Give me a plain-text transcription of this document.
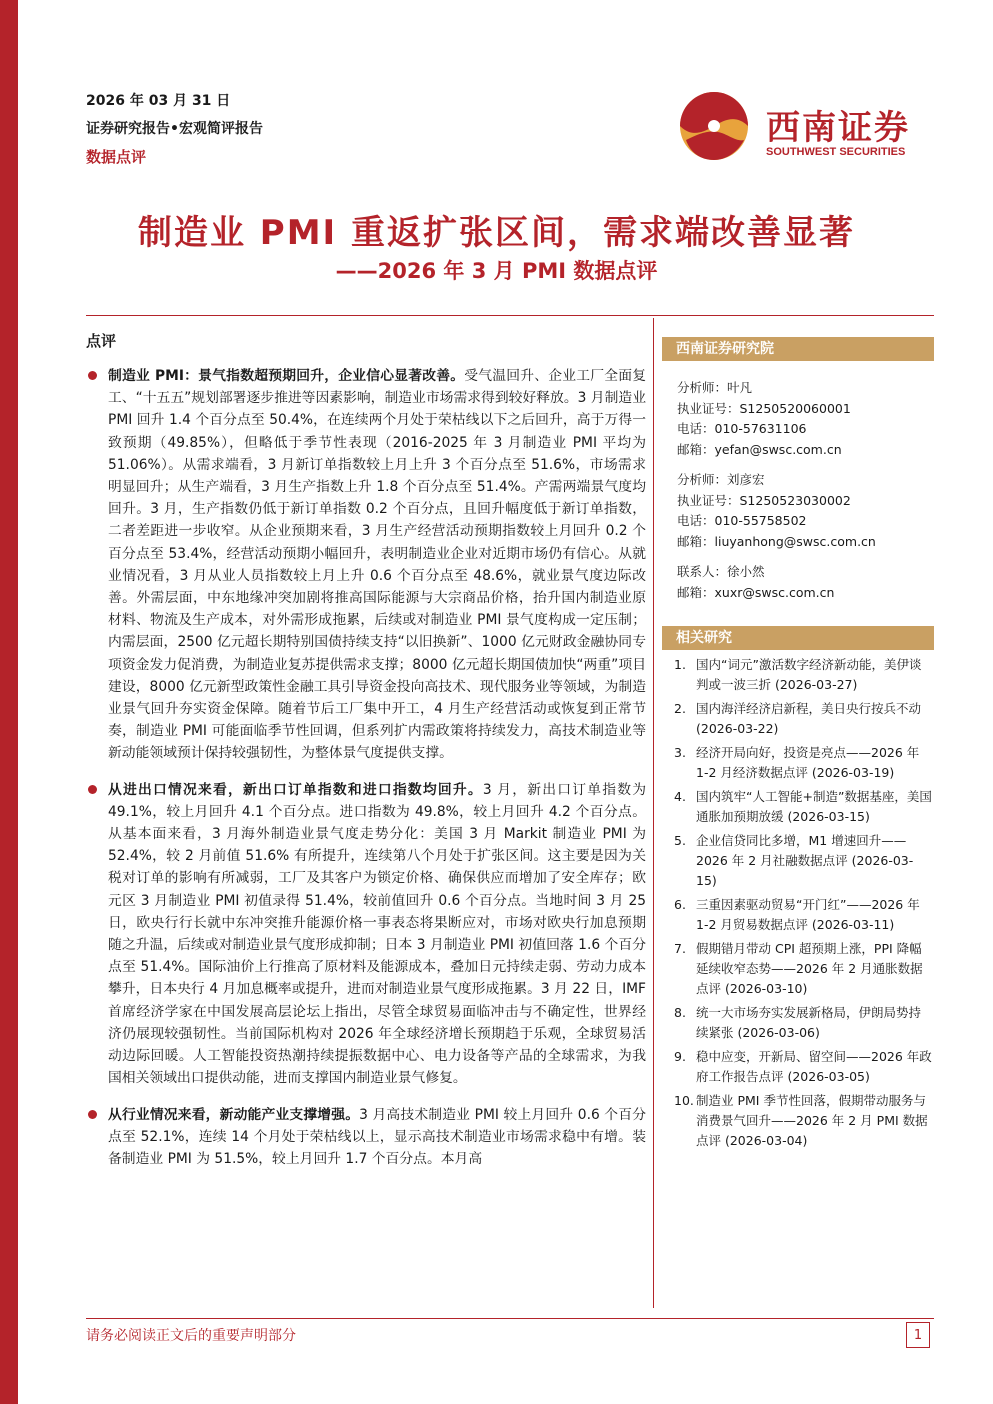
2026 年 03 月 31 日
证券研究报告•宏观简评报告
数据点评
西南证券
SOUTHWEST SECURITIES
制造业 PMI 重返扩张区间，需求端改善显著
——2026 年 3 月 PMI 数据点评
点评
制造业 PMI：景气指数超预期回升，企业信心显著改善。受气温回升、企业工厂全面复工、“十五五”规划部署逐步推进等因素影响，制造业市场需求得到较好释放。3 月制造业 PMI 回升 1.4 个百分点至 50.4%，在连续两个月处于荣枯线以下之后回升，高于万得一致预期（49.85%），但略低于季节性表现（2016-2025 年 3 月制造业 PMI 平均为 51.06%）。从需求端看，3 月新订单指数较上月上升 3 个百分点至 51.6%，市场需求明显回升；从生产端看，3 月生产指数上升 1.8 个百分点至 51.4%。产需两端景气度均回升。3 月，生产指数仍低于新订单指数 0.2 个百分点，且回升幅度低于新订单指数，二者差距进一步收窄。从企业预期来看，3 月生产经营活动预期指数较上月回升 0.2 个百分点至 53.4%，经营活动预期小幅回升，表明制造业企业对近期市场仍有信心。从就业情况看，3 月从业人员指数较上月上升 0.6 个百分点至 48.6%，就业景气度边际改善。外需层面，中东地缘冲突加剧将推高国际能源与大宗商品价格，抬升国内制造业原材料、物流及生产成本，对外需形成拖累，后续或对制造业 PMI 景气度构成一定压制；内需层面，2500 亿元超长期特别国债持续支持“以旧换新”、1000 亿元财政金融协同专项资金发力促消费，为制造业复苏提供需求支撑；8000 亿元超长期国债加快“两重”项目建设，8000 亿元新型政策性金融工具引导资金投向高技术、现代服务业等领域，为制造业景气回升夯实资金保障。随着节后工厂集中开工，4 月生产经营活动或恢复到正常节奏，制造业 PMI 可能面临季节性回调，但系列扩内需政策将持续发力，高技术制造业等新动能领域预计保持较强韧性，为整体景气度提供支撑。
从进出口情况来看，新出口订单指数和进口指数均回升。3 月，新出口订单指数为 49.1%，较上月回升 4.1 个百分点。进口指数为 49.8%，较上月回升 4.2 个百分点。从基本面来看，3 月海外制造业景气度走势分化：美国 3 月 Markit 制造业 PMI 为 52.4%，较 2 月前值 51.6% 有所提升，连续第八个月处于扩张区间。这主要是因为关税对订单的影响有所减弱，工厂及其客户为锁定价格、确保供应而增加了安全库存；欧元区 3 月制造业 PMI 初值录得 51.4%，较前值回升 0.6 个百分点。当地时间 3 月 25 日，欧央行行长就中东冲突推升能源价格一事表态将果断应对，市场对欧央行加息预期随之升温，后续或对制造业景气度形成抑制；日本 3 月制造业 PMI 初值回落 1.6 个百分点至 51.4%。国际油价上行推高了原材料及能源成本，叠加日元持续走弱、劳动力成本攀升，日本央行 4 月加息概率或提升，进而对制造业景气度形成拖累。3 月 22 日，IMF 首席经济学家在中国发展高层论坛上指出，尽管全球贸易面临冲击与不确定性，世界经济仍展现较强韧性。当前国际机构对 2026 年全球经济增长预期趋于乐观，全球贸易活动边际回暖。人工智能投资热潮持续提振数据中心、电力设备等产品的全球需求，为我国相关领域出口提供动能，进而支撑国内制造业景气修复。
从行业情况来看，新动能产业支撑增强。3 月高技术制造业 PMI 较上月回升 0.6 个百分点至 52.1%，连续 14 个月处于荣枯线以上，显示高技术制造业市场需求稳中有增。装备制造业 PMI 为 51.5%，较上月回升 1.7 个百分点。本月高
西南证券研究院
分析师：叶凡
执业证号：S1250520060001
电话：010-57631106
邮箱：yefan@swsc.com.cn
分析师：刘彦宏
执业证号：S1250523030002
电话：010-55758502
邮箱：liuyanhong@swsc.com.cn
联系人：徐小然
邮箱：xuxr@swsc.com.cn
相关研究
1. 国内“词元”激活数字经济新动能，美伊谈判或一波三折 (2026-03-27)
2. 国内海洋经济启新程，美日央行按兵不动 (2026-03-22)
3. 经济开局向好，投资是亮点——2026 年 1-2 月经济数据点评 (2026-03-19)
4. 国内筑牢“人工智能+制造”数据基座，美国通胀加预期放缓 (2026-03-15)
5. 企业信贷同比多增，M1 增速回升——2026 年 2 月社融数据点评 (2026-03-15)
6. 三重因素驱动贸易“开门红”——2026 年 1-2 月贸易数据点评 (2026-03-11)
7. 假期错月带动 CPI 超预期上涨，PPI 降幅延续收窄态势——2026 年 2 月通胀数据点评 (2026-03-10)
8. 统一大市场夯实发展新格局，伊朗局势持续紧张 (2026-03-06)
9. 稳中应变，开新局、留空间——2026 年政府工作报告点评 (2026-03-05)
10. 制造业 PMI 季节性回落，假期带动服务与消费景气回升——2026 年 2 月 PMI 数据点评 (2026-03-04)
请务必阅读正文后的重要声明部分	1
